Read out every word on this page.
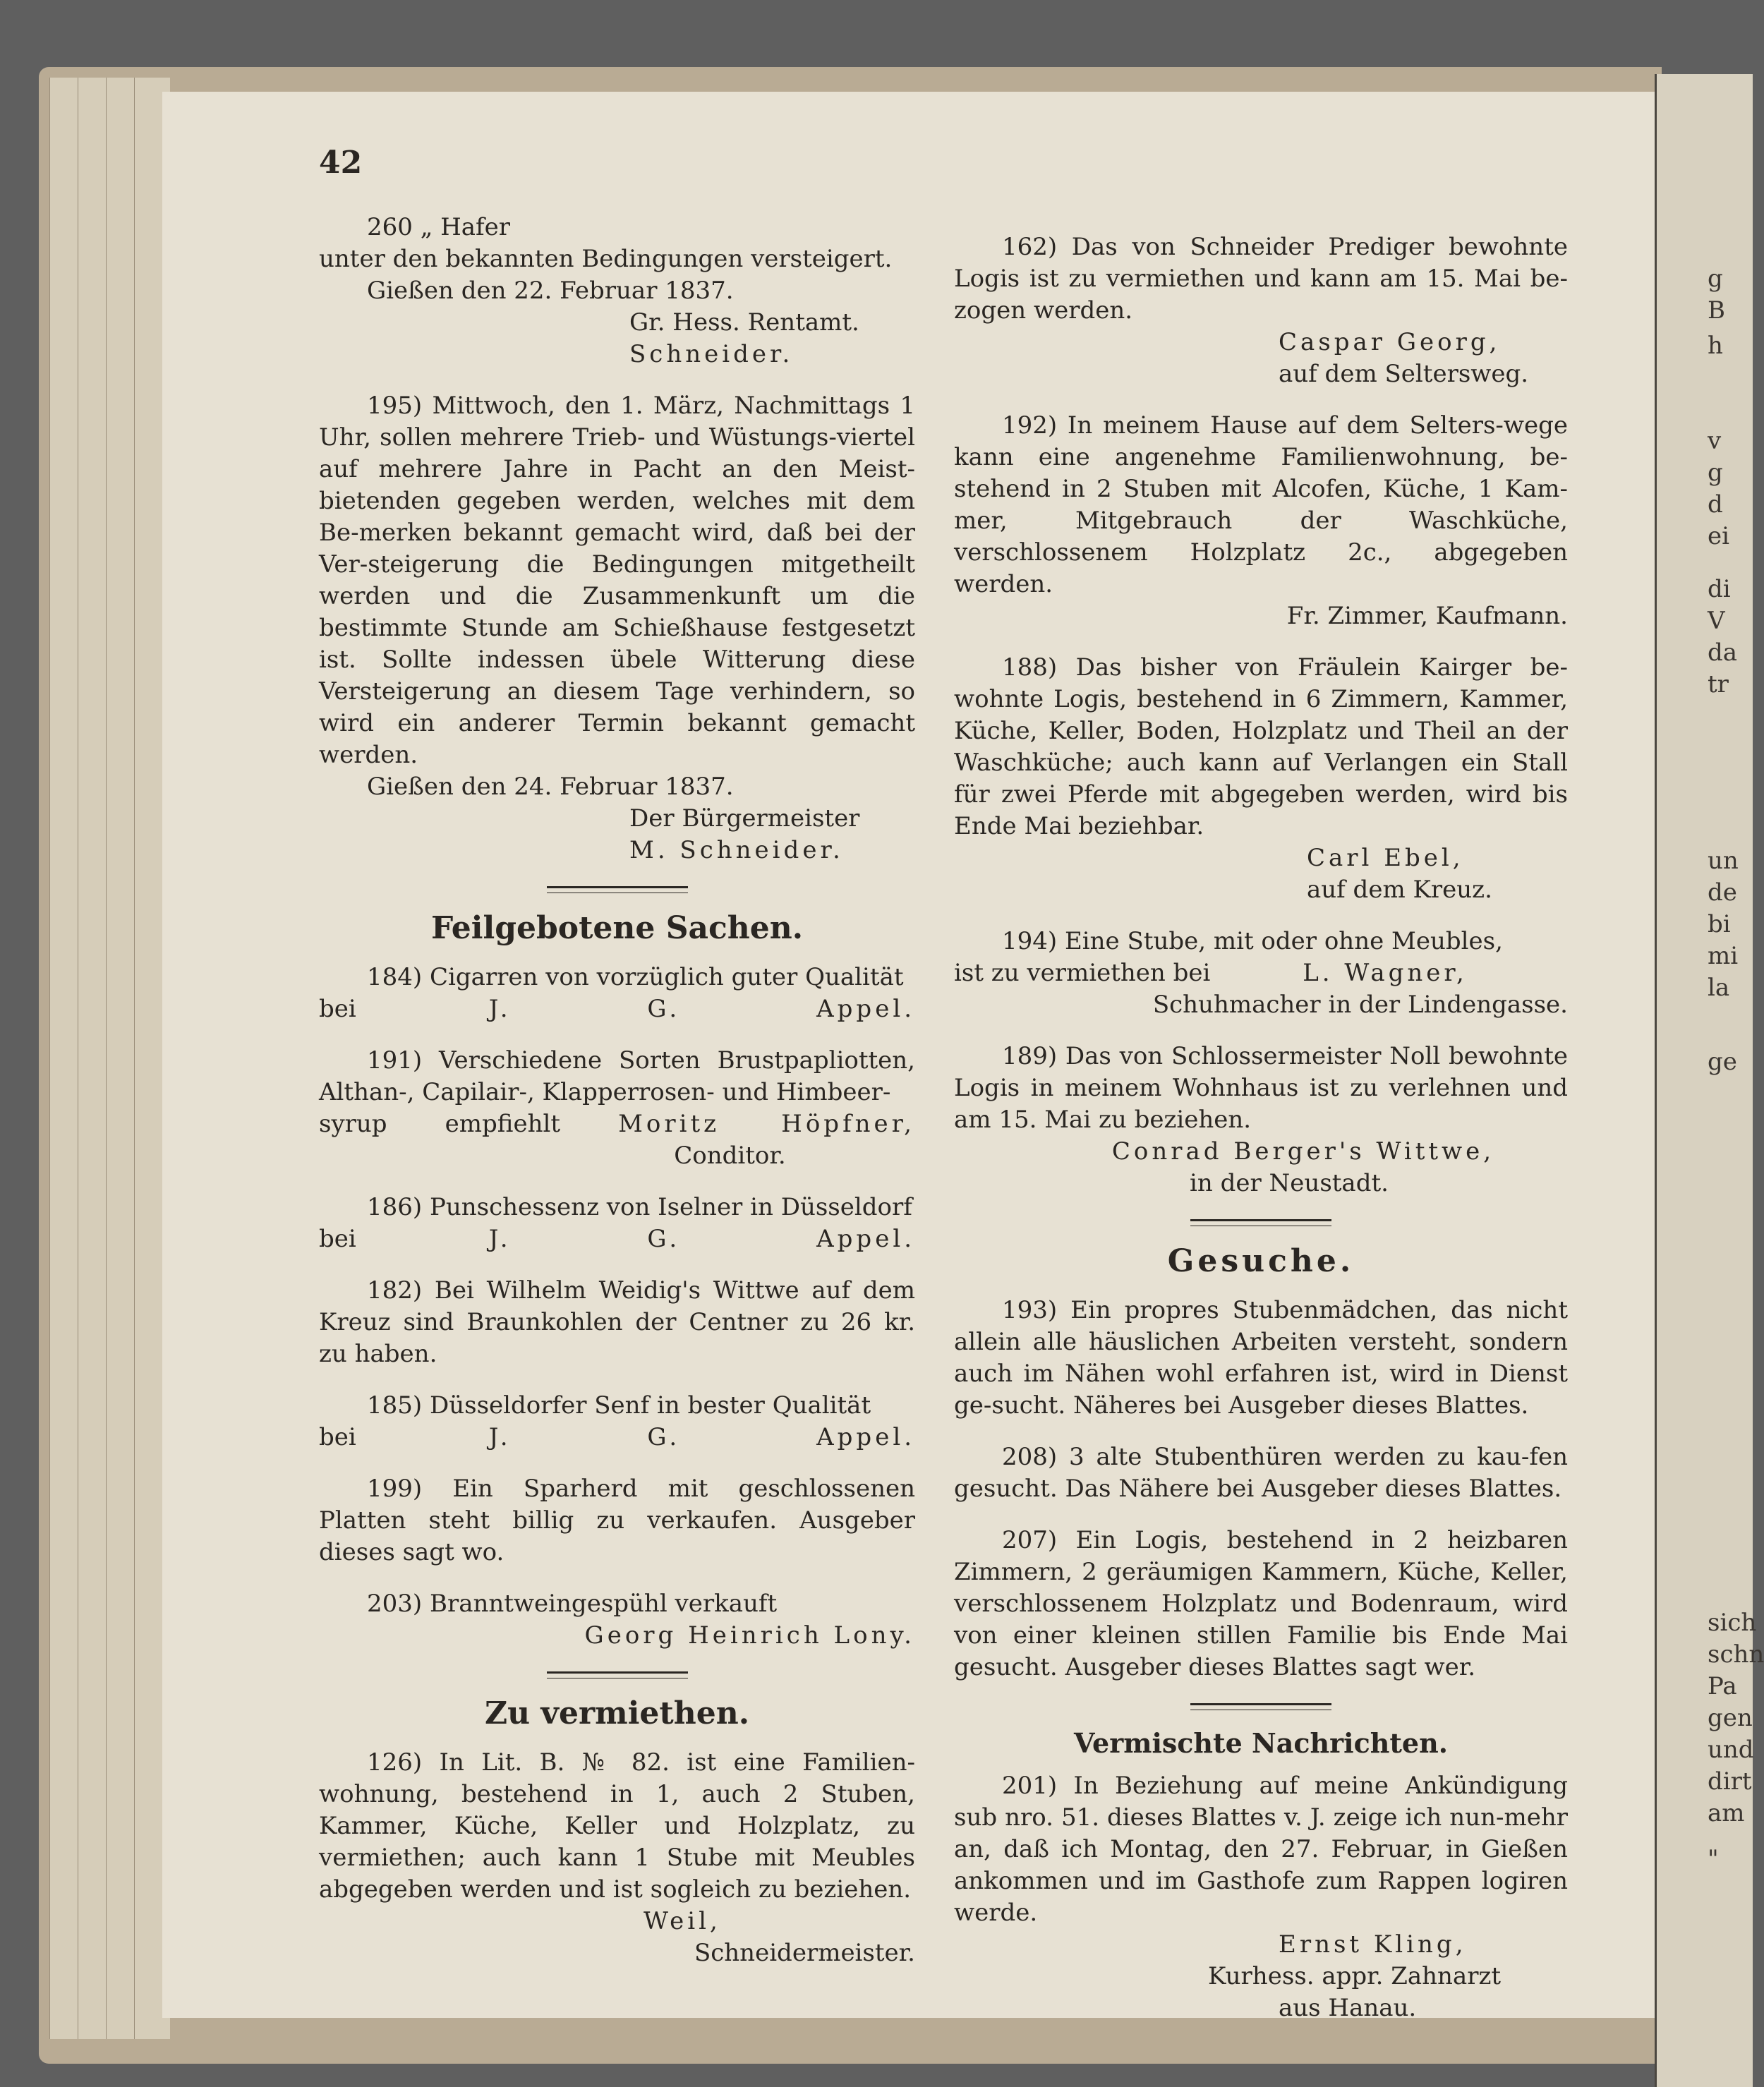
g
B
h
v
g
d
ei
di
V
da
tr
un
de
bi
mi
la
ge
sich
schn
Pa
gen
und
dirt
am
"
42

260 „ Hafer

unter den bekannten Bedingungen versteigert.

Gießen den 22. Februar 1837.

Gr. Hess. Rentamt.

Schneider.

195) Mittwoch, den 1. März, Nachmittags 1 Uhr, sollen mehrere Trieb- und Wüstungs-viertel auf mehrere Jahre in Pacht an den Meist-bietenden gegeben werden, welches mit dem Be-merken bekannt gemacht wird, daß bei der Ver-steigerung die Bedingungen mitgetheilt werden und die Zusammenkunft um die bestimmte Stunde am Schießhause festgesetzt ist. Sollte indessen übele Witterung diese Versteigerung an diesem Tage verhindern, so wird ein anderer Termin bekannt gemacht werden.

Gießen den 24. Februar 1837.

Der Bürgermeister

M. Schneider.

Feilgebotene Sachen.

184) Cigarren von vorzüglich guter Qualität

bei	J. G. Appel.

191) Verschiedene Sorten Brustpapliotten, Althan-, Capilair-, Klapperrosen- und Himbeer-

syrup empfiehlt Moritz Höpfner,

Conditor.

186) Punschessenz von Iselner in Düsseldorf

bei	J. G. Appel.

182) Bei Wilhelm Weidig's Wittwe auf dem Kreuz sind Braunkohlen der Centner zu 26 kr. zu haben.

185) Düsseldorfer Senf in bester Qualität

bei	J. G. Appel.

199) Ein Sparherd mit geschlossenen Platten steht billig zu verkaufen. Ausgeber dieses sagt wo.

203) Branntweingespühl verkauft

Georg Heinrich Lony.

Zu vermiethen.

126) In Lit. B. № 82. ist eine Familien-wohnung, bestehend in 1, auch 2 Stuben, Kammer, Küche, Keller und Holzplatz, zu vermiethen; auch kann 1 Stube mit Meubles abgegeben werden und ist sogleich zu beziehen.

Weil,

Schneidermeister.

162) Das von Schneider Prediger bewohnte Logis ist zu vermiethen und kann am 15. Mai be-zogen werden.

Caspar Georg,

auf dem Seltersweg.

192) In meinem Hause auf dem Selters-wege kann eine angenehme Familienwohnung, be-stehend in 2 Stuben mit Alcofen, Küche, 1 Kam-mer, Mitgebrauch der Waschküche, verschlossenem Holzplatz 2c., abgegeben werden.

Fr. Zimmer, Kaufmann.

188) Das bisher von Fräulein Kairger be-wohnte Logis, bestehend in 6 Zimmern, Kammer, Küche, Keller, Boden, Holzplatz und Theil an der Waschküche; auch kann auf Verlangen ein Stall für zwei Pferde mit abgegeben werden, wird bis Ende Mai beziehbar.

Carl Ebel,

auf dem Kreuz.

194) Eine Stube, mit oder ohne Meubles,

ist zu vermiethen bei	L. Wagner,

Schuhmacher in der Lindengasse.

189) Das von Schlossermeister Noll bewohnte Logis in meinem Wohnhaus ist zu verlehnen und am 15. Mai zu beziehen.

Conrad Berger's Wittwe,

in der Neustadt.

Gesuche.

193) Ein propres Stubenmädchen, das nicht allein alle häuslichen Arbeiten versteht, sondern auch im Nähen wohl erfahren ist, wird in Dienst ge-sucht. Näheres bei Ausgeber dieses Blattes.

208) 3 alte Stubenthüren werden zu kau-fen gesucht. Das Nähere bei Ausgeber dieses Blattes.

207) Ein Logis, bestehend in 2 heizbaren Zimmern, 2 geräumigen Kammern, Küche, Keller, verschlossenem Holzplatz und Bodenraum, wird von einer kleinen stillen Familie bis Ende Mai gesucht. Ausgeber dieses Blattes sagt wer.

Vermischte Nachrichten.

201) In Beziehung auf meine Ankündigung sub nro. 51. dieses Blattes v. J. zeige ich nun-mehr an, daß ich Montag, den 27. Februar, in Gießen ankommen und im Gasthofe zum Rappen logiren werde.

Ernst Kling,

Kurhess. appr. Zahnarzt

aus Hanau.
